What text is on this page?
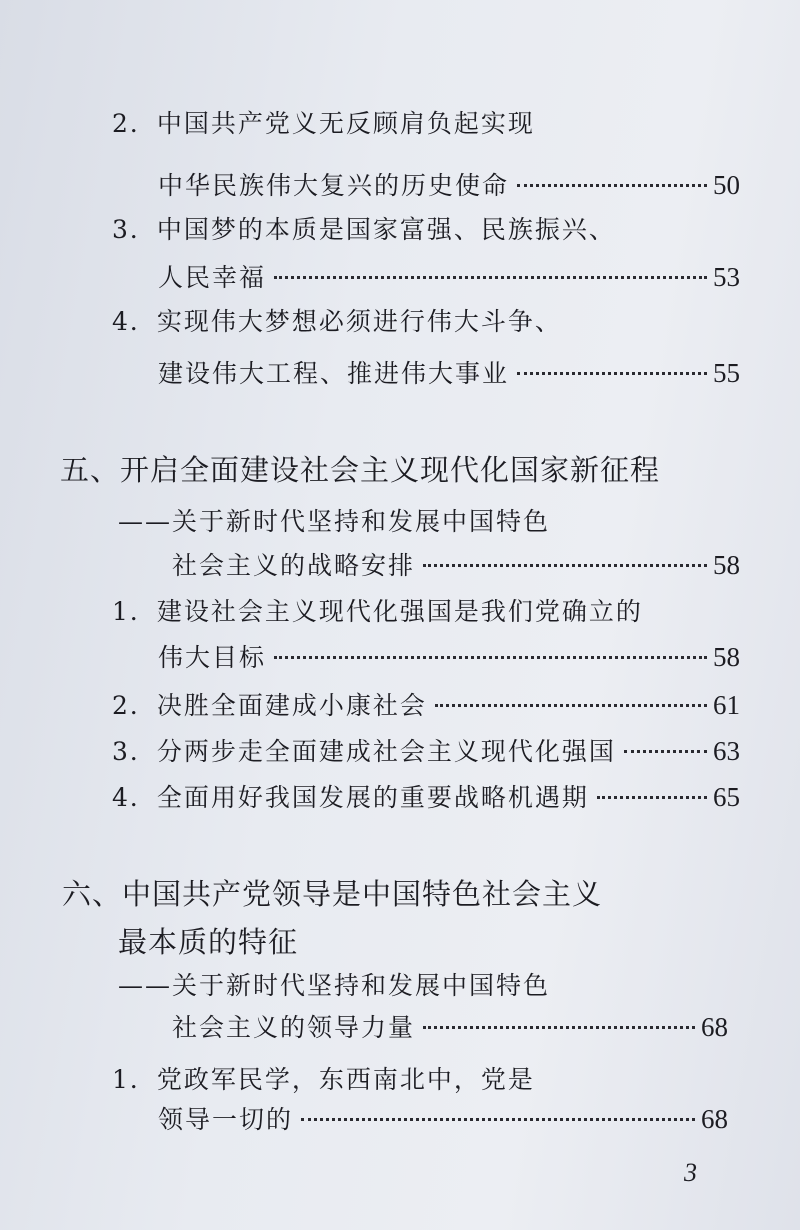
2．中国共产党义无反顾肩负起实现
中华民族伟大复兴的历史使命	50
3．中国梦的本质是国家富强、民族振兴、
人民幸福	53
4．实现伟大梦想必须进行伟大斗争、
建设伟大工程、推进伟大事业	55
五、开启全面建设社会主义现代化国家新征程
——关于新时代坚持和发展中国特色
社会主义的战略安排	58
1．建设社会主义现代化强国是我们党确立的
伟大目标	58
2．决胜全面建成小康社会	61
3．分两步走全面建成社会主义现代化强国	63
4．全面用好我国发展的重要战略机遇期	65
六、中国共产党领导是中国特色社会主义
最本质的特征
——关于新时代坚持和发展中国特色
社会主义的领导力量	68
1．党政军民学，东西南北中，党是
领导一切的	68
3
